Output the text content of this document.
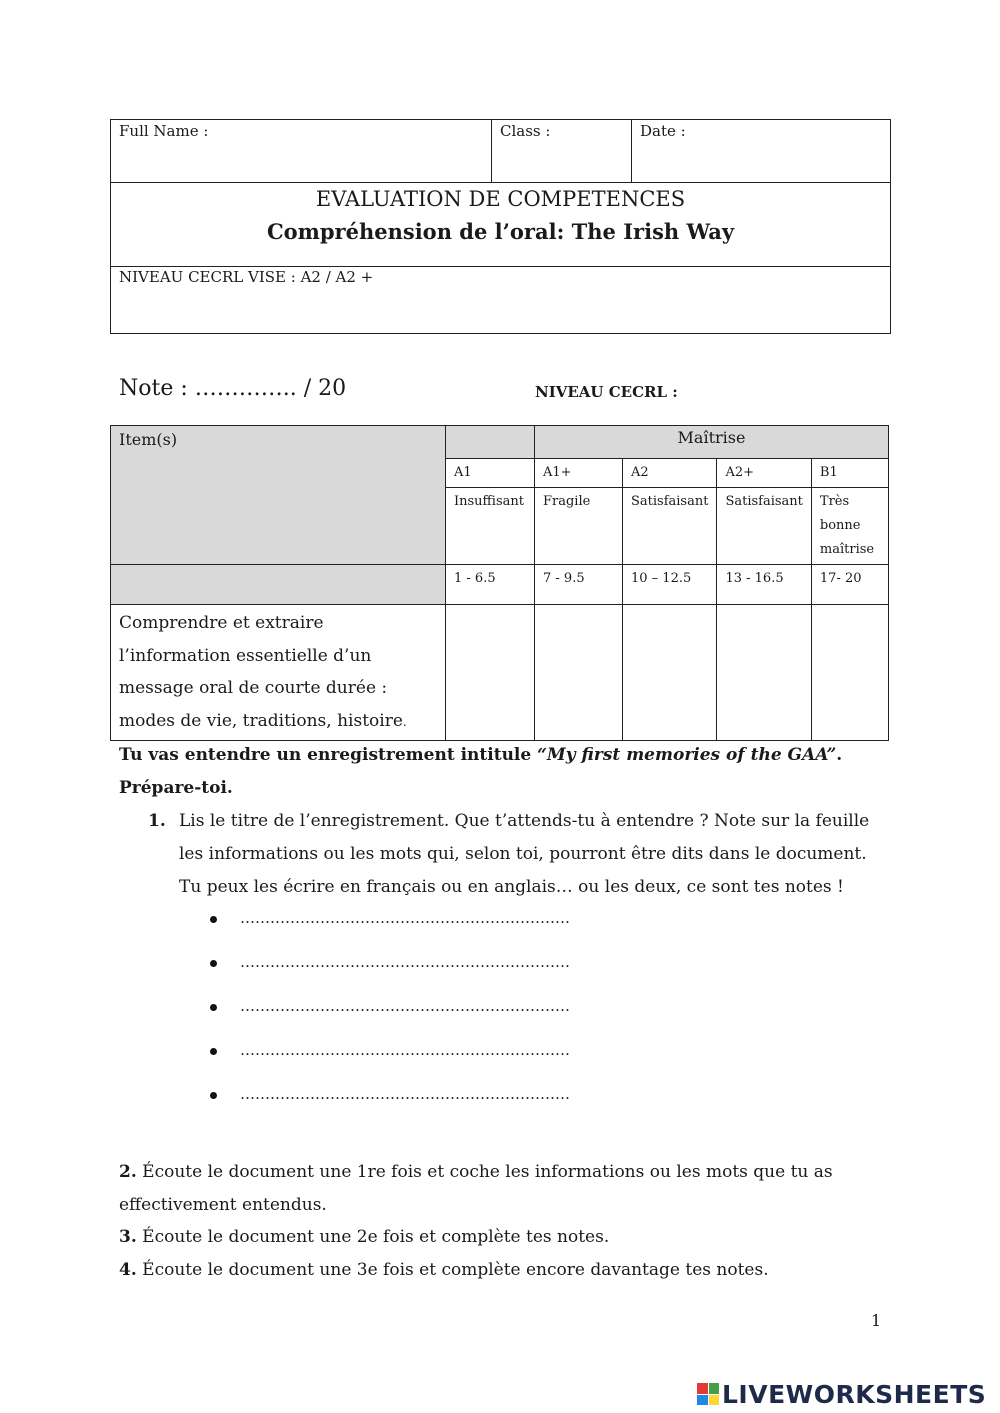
Full Name :	Class :	Date :

EVALUATION DE COMPETENCES
Compréhension de l’oral: The Irish Way

NIVEAU CECRL VISE : A2 / A2 +
Note : ………….. / 20	NIVEAU CECRL :
Item(s)		Maîtrise			
	A1	A1+	A2	A2+	B1
	Insuffisant	Fragile	Satisfaisant	Satisfaisant	Très bonne maîtrise
	1 - 6.5	7 - 9.5	10 – 12.5	13 - 16.5	17- 20

Comprendre et extraire l’information essentielle d’un message oral de courte durée : modes de vie, traditions, histoire.					

Tu vas entendre un enregistrement intitule “My first memories of the GAA”.
Prépare-toi.
1. Lis le titre de l’enregistrement. Que t’attends-tu à entendre ? Note sur la feuille les informations ou les mots qui, selon toi, pourront être dits dans le document. Tu peux les écrire en français ou en anglais… ou les deux, ce sont tes notes !
…………………………………………………………
…………………………………………………………
…………………………………………………………
…………………………………………………………
…………………………………………………………
2. Écoute le document une 1re fois et coche les informations ou les mots que tu as effectivement entendus.
3. Écoute le document une 2e fois et complète tes notes.
4. Écoute le document une 3e fois et complète encore davantage tes notes.
1
LIVEWORKSHEETS
